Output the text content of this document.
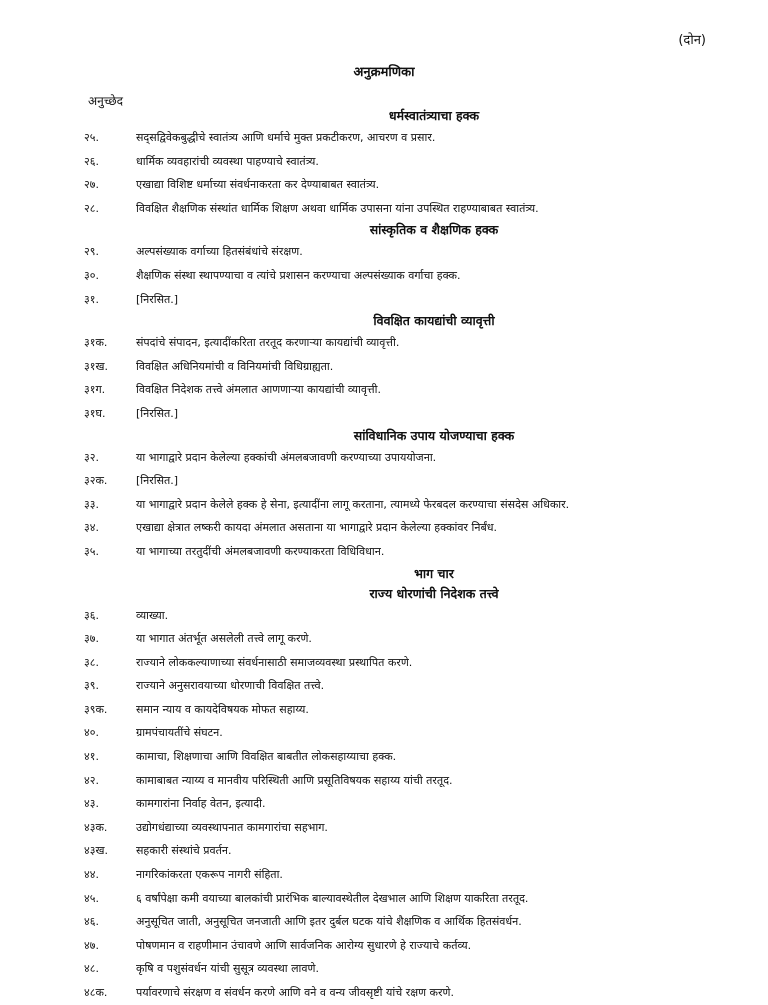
(दोन)
अनुक्रमणिका
अनुच्छेद
धर्मस्वातंत्र्याचा हक्क
२५.	सद्सद्विवेकबुद्धीचे स्वातंत्र्य आणि धर्माचे मुक्त प्रकटीकरण, आचरण व प्रसार.
२६.	धार्मिक व्यवहारांची व्यवस्था पाहण्याचे स्वातंत्र्य.
२७.	एखाद्या विशिष्ट धर्माच्या संवर्धनाकरता कर देण्याबाबत स्वातंत्र्य.
२८.	विवक्षित शैक्षणिक संस्थांत धार्मिक शिक्षण अथवा धार्मिक उपासना यांना उपस्थित राहण्याबाबत स्वातंत्र्य.
सांस्कृतिक व शैक्षणिक हक्क
२९.	अल्पसंख्याक वर्गाच्या हितसंबंधांचे संरक्षण.
३०.	शैक्षणिक संस्था स्थापण्याचा व त्यांचे प्रशासन करण्याचा अल्पसंख्याक वर्गाचा हक्क.
३१.	[निरसित.]
विवक्षित कायद्यांची व्यावृत्ती
३१क.	संपदांचे संपादन, इत्यादींकरिता तरतूद करणाऱ्या कायद्यांची व्यावृत्ती.
३१ख.	विवक्षित अधिनियमांची व विनियमांची विधिग्राह्यता.
३१ग.	विवक्षित निदेशक तत्त्वे अंमलात आणणाऱ्या कायद्यांची व्यावृत्ती.
३१घ.	[निरसित.]
सांविधानिक उपाय योजण्याचा हक्क
३२.	या भागाद्वारे प्रदान केलेल्या हक्कांची अंमलबजावणी करण्याच्या उपाययोजना.
३२क.	[निरसित.]
३३.	या भागाद्वारे प्रदान केलेले हक्क हे सेना, इत्यादींना लागू करताना, त्यामध्ये फेरबदल करण्याचा संसदेस अधिकार.
३४.	एखाद्या क्षेत्रात लष्करी कायदा अंमलात असताना या भागाद्वारे प्रदान केलेल्या हक्कांवर निर्बंध.
३५.	या भागाच्या तरतुदींची अंमलबजावणी करण्याकरता विधिविधान.
भाग चार
राज्य धोरणांची निदेशक तत्त्वे
३६.	व्याख्या.
३७.	या भागात अंतर्भूत असलेली तत्त्वे लागू करणे.
३८.	राज्याने लोककल्याणाच्या संवर्धनासाठी समाजव्यवस्था प्रस्थापित करणे.
३९.	राज्याने अनुसरावयाच्या धोरणाची विवक्षित तत्त्वे.
३९क.	समान न्याय व कायदेविषयक मोफत सहाय्य.
४०.	ग्रामपंचायतींचे संघटन.
४१.	कामाचा, शिक्षणाचा आणि विवक्षित बाबतीत लोकसहाय्याचा हक्क.
४२.	कामाबाबत न्याय्य व मानवीय परिस्थिती आणि प्रसूतिविषयक सहाय्य यांची तरतूद.
४३.	कामगारांना निर्वाह वेतन, इत्यादी.
४३क.	उद्योगधंद्याच्या व्यवस्थापनात कामगारांचा सहभाग.
४३ख.	सहकारी संस्थांचे प्रवर्तन.
४४.	नागरिकांकरता एकरूप नागरी संहिता.
४५.	६ वर्षांपेक्षा कमी वयाच्या बालकांची प्रारंभिक बाल्यावस्थेतील देखभाल आणि शिक्षण याकरिता तरतूद.
४६.	अनुसूचित जाती, अनुसूचित जनजाती आणि इतर दुर्बल घटक यांचे शैक्षणिक व आर्थिक हितसंवर्धन.
४७.	पोषणमान व राहणीमान उंचावणे आणि सार्वजनिक आरोग्य सुधारणे हे राज्याचे कर्तव्य.
४८.	कृषि व पशुसंवर्धन यांची सुसूत्र व्यवस्था लावणे.
४८क.	पर्यावरणाचे संरक्षण व संवर्धन करणे आणि वने व वन्य जीवसृष्टी यांचे रक्षण करणे.
